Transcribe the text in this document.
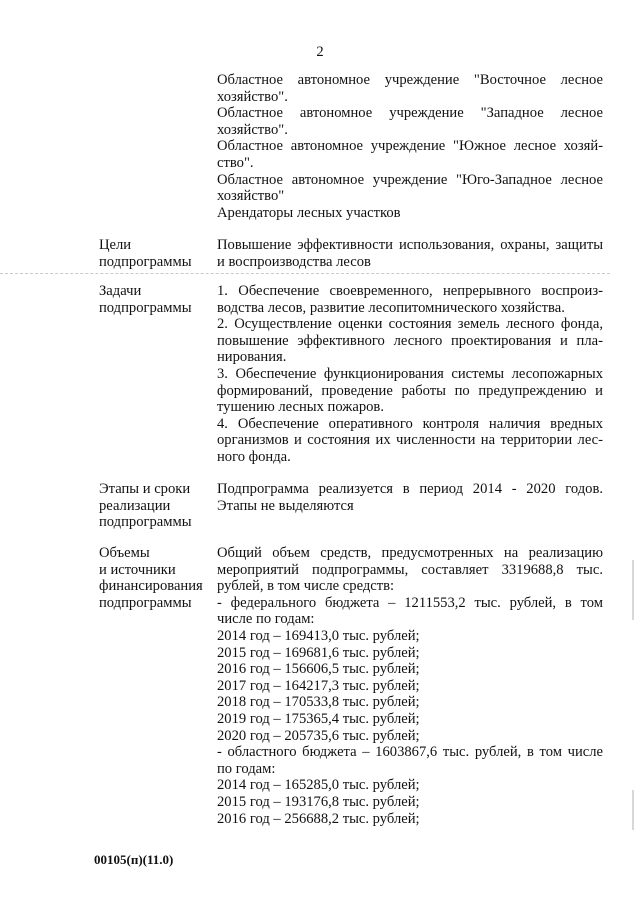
2
Областное автономное учреждение "Восточное лесное
хозяйство".
Областное автономное учреждение "Западное лесное
хозяйство".
Областное автономное учреждение "Южное лесное хозяй-
ство".
Областное автономное учреждение "Юго-Западное лесное
хозяйство"
Арендаторы лесных участков
Цели
подпрограммы
Повышение эффективности использования, охраны, защиты
и воспроизводства лесов
Задачи
подпрограммы
1. Обеспечение своевременного, непрерывного воспроиз-
водства лесов, развитие лесопитомнического хозяйства.
2. Осуществление оценки состояния земель лесного фонда,
повышение эффективного лесного проектирования и пла-
нирования.
3. Обеспечение функционирования системы лесопожарных
формирований, проведение работы по предупреждению и
тушению лесных пожаров.
4. Обеспечение оперативного контроля наличия вредных
организмов и состояния их численности на территории лес-
ного фонда.
Этапы и сроки
реализации
подпрограммы
Подпрограмма реализуется в период 2014 - 2020 годов.
Этапы не выделяются
Объемы
и источники
финансирования
подпрограммы
Общий объем средств, предусмотренных на реализацию
мероприятий подпрограммы, составляет 3319688,8 тыс.
рублей, в том числе средств:
- федерального бюджета – 1211553,2 тыс. рублей, в том
числе по годам:
2014 год – 169413,0 тыс. рублей;
2015 год – 169681,6 тыс. рублей;
2016 год – 156606,5 тыс. рублей;
2017 год – 164217,3 тыс. рублей;
2018 год – 170533,8 тыс. рублей;
2019 год – 175365,4 тыс. рублей;
2020 год – 205735,6 тыс. рублей;
- областного бюджета – 1603867,6 тыс. рублей, в том числе
по годам:
2014 год – 165285,0 тыс. рублей;
2015 год – 193176,8 тыс. рублей;
2016 год – 256688,2 тыс. рублей;
00105(п)(11.0)
